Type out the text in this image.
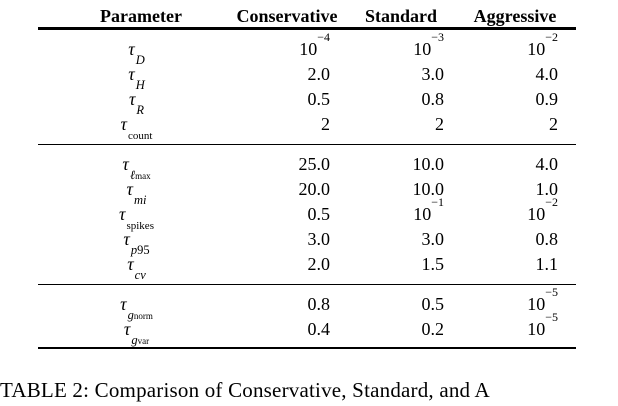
Parameter	Conservative	Standard	Aggressive

$\tau_D$	$10^{-4}$	$10^{-3}$	$10^{-2}$
$\tau_H$	2.0	3.0	4.0
$\tau_R$	0.5	0.8	0.9
$\tau_{count}$	2	2	2

$\tau_{\ell max}$	25.0	10.0	4.0
$\tau_{mi}$	20.0	10.0	1.0
$\tau_{spikes}$	0.5	$10^{-1}$	$10^{-2}$
$\tau_{p95}$	3.0	3.0	0.8
$\tau_{cv}$	2.0	1.5	1.1

$\tau_{gnorm}$	0.8	0.5	$10^{-5}$
$\tau_{gvar}$	0.4	0.2	$10^{-5}$

TABLE 2: Comparison of Conservative, Standard, and A
